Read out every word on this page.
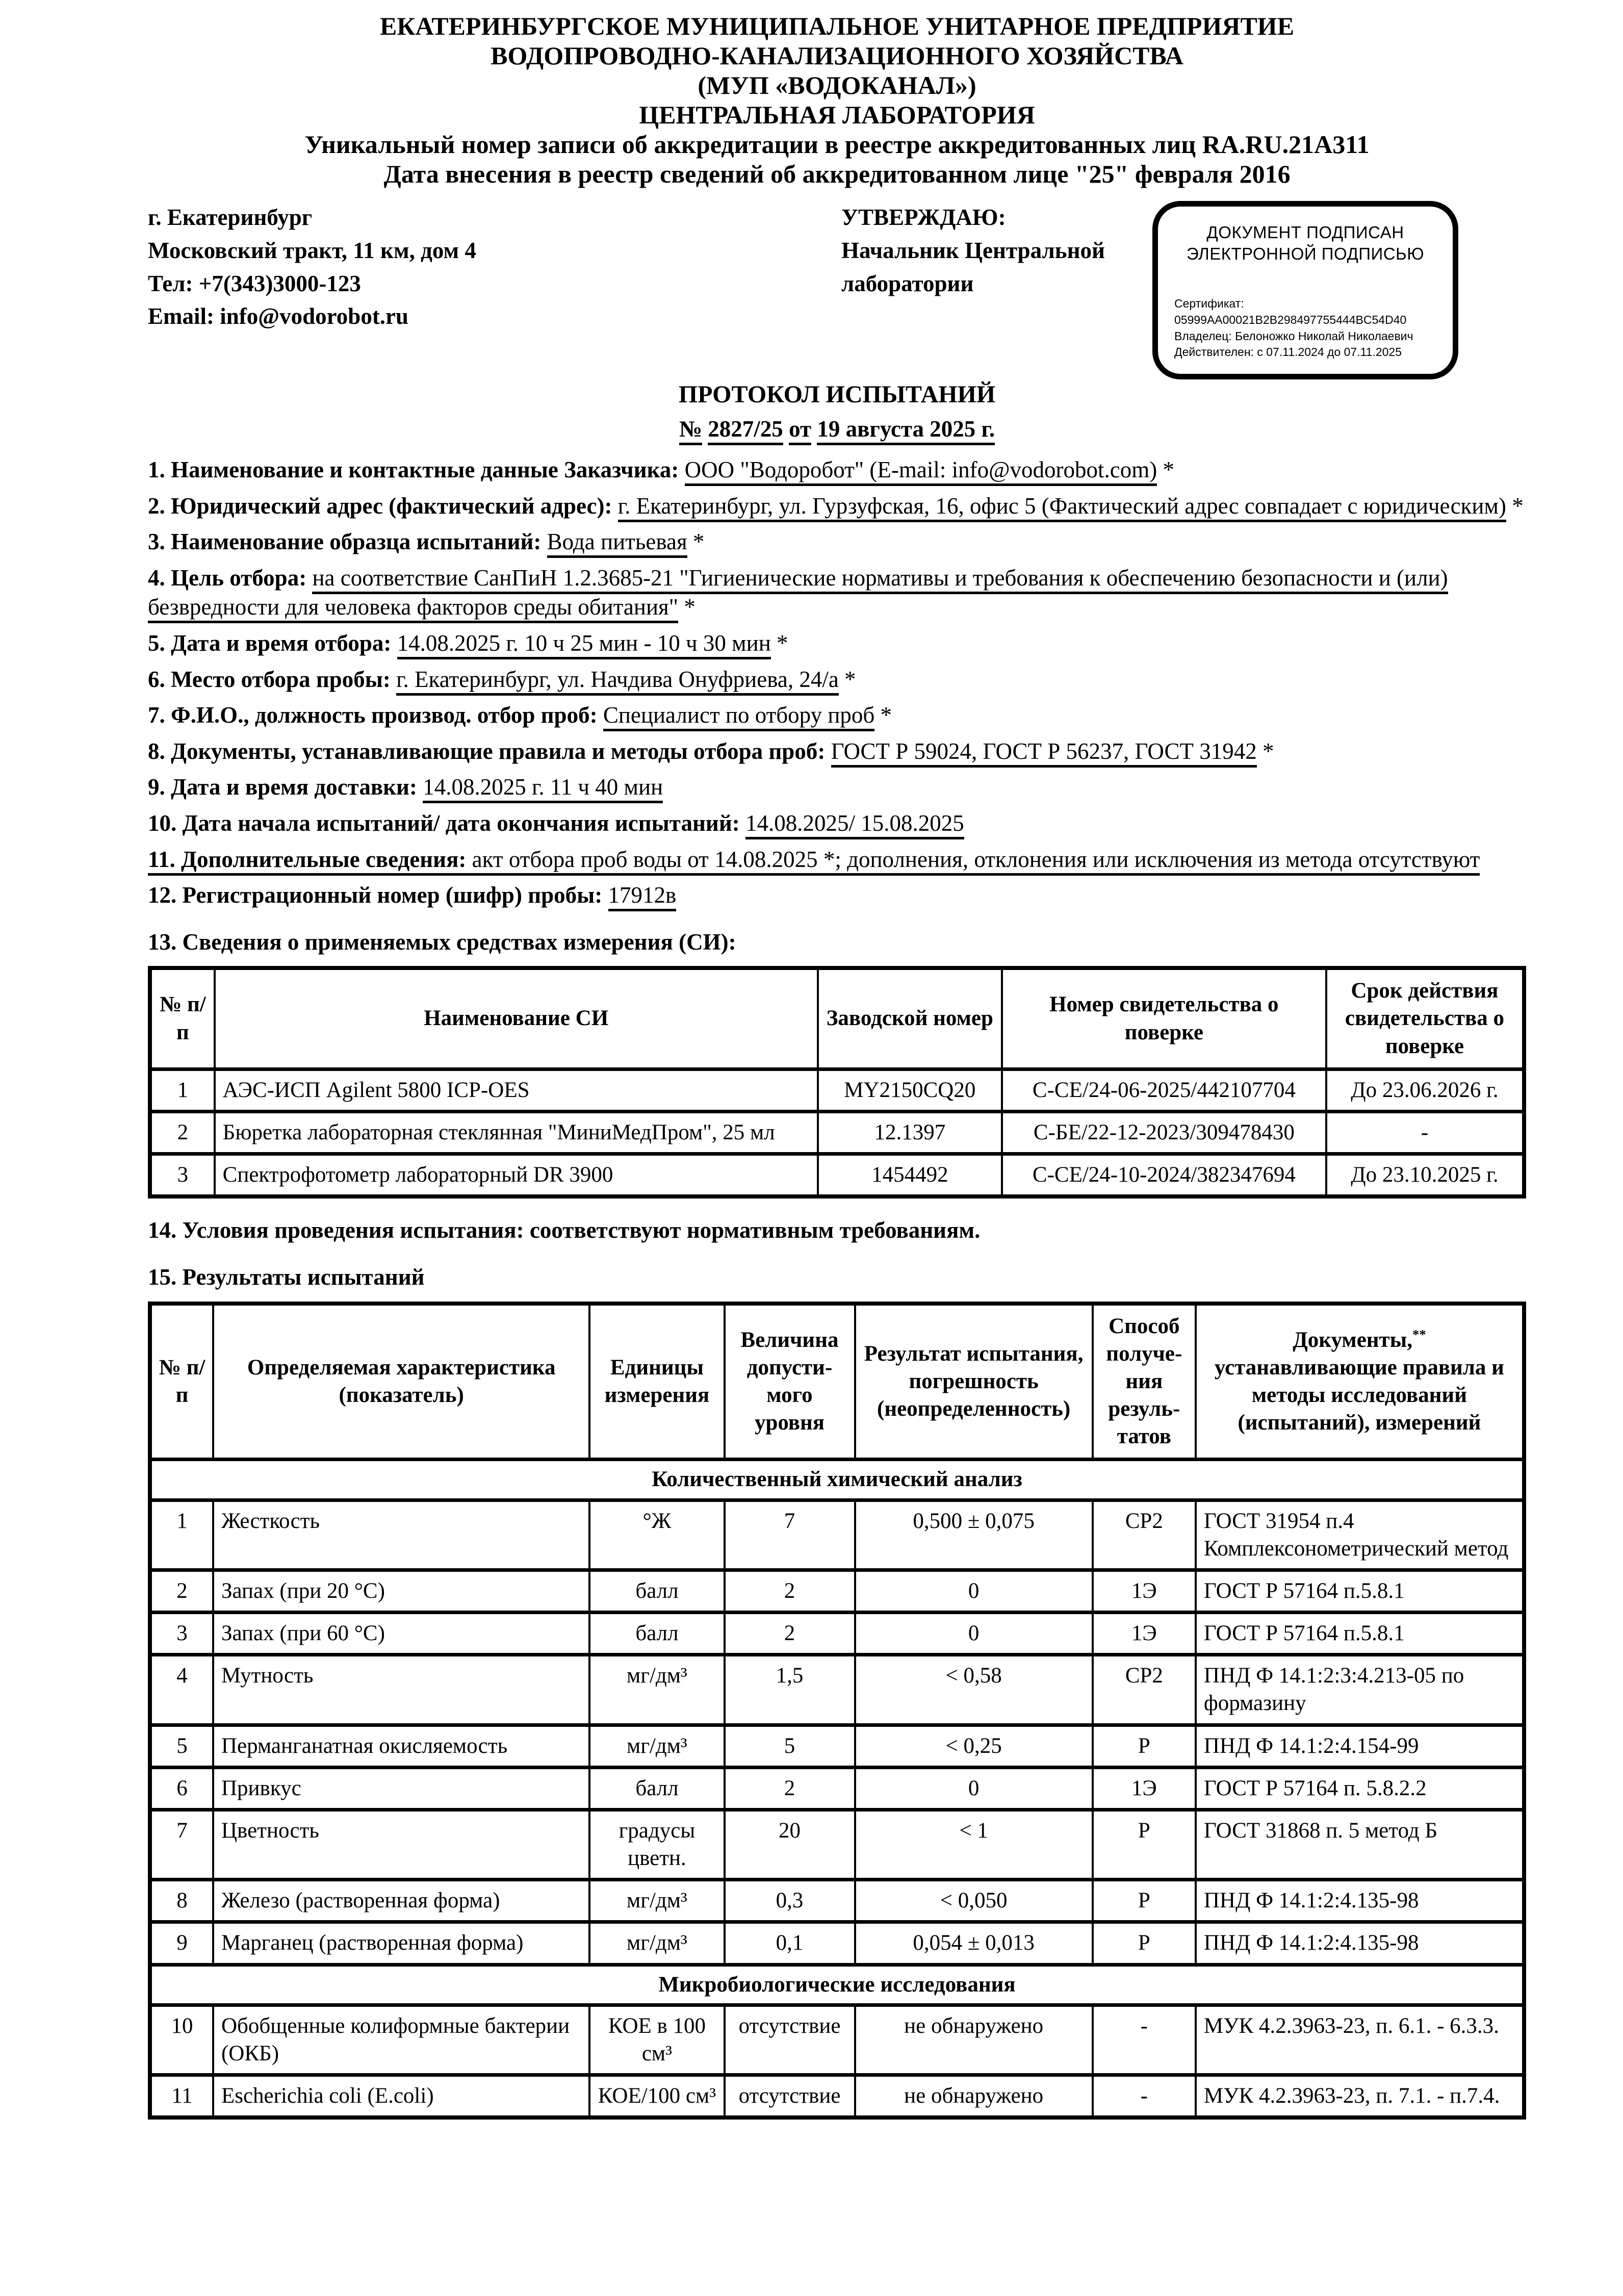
ЕКАТЕРИНБУРГСКОЕ МУНИЦИПАЛЬНОЕ УНИТАРНОЕ ПРЕДПРИЯТИЕ
ВОДОПРОВОДНО-КАНАЛИЗАЦИОННОГО ХОЗЯЙСТВА
(МУП «ВОДОКАНАЛ»)
ЦЕНТРАЛЬНАЯ ЛАБОРАТОРИЯ
Уникальный номер записи об аккредитации в реестре аккредитованных лиц RA.RU.21А311
Дата внесения в реестр сведений об аккредитованном лице "25" февраля 2016
г. Екатеринбург
Московский тракт, 11 км, дом 4
Тел: +7(343)3000-123
Email: info@vodorobot.ru
УТВЕРЖДАЮ:
Начальник Центральной
лаборатории
ДОКУМЕНТ ПОДПИСАН
ЭЛЕКТРОННОЙ ПОДПИСЬЮ
Сертификат: 05999AA00021B2B298497755444BC54D40
Владелец: Белоножко Николай Николаевич
Действителен: с 07.11.2024 до 07.11.2025
ПРОТОКОЛ ИСПЫТАНИЙ
№ 2827/25 от 19 августа 2025 г.

1. Наименование и контактные данные Заказчика: ООО "Водоробот" (E-mail: info@vodorobot.com) *

2. Юридический адрес (фактический адрес): г. Екатеринбург, ул. Гурзуфская, 16, офис 5 (Фактический адрес совпадает с юридическим) *

3. Наименование образца испытаний: Вода питьевая *

4. Цель отбора: на соответствие СанПиН 1.2.3685-21 "Гигиенические нормативы и требования к обеспечению безопасности и (или) безвредности для человека факторов среды обитания" *

5. Дата и время отбора: 14.08.2025 г. 10 ч 25 мин - 10 ч 30 мин *

6. Место отбора пробы: г. Екатеринбург, ул. Начдива Онуфриева, 24/а *

7. Ф.И.О., должность производ. отбор проб: Специалист по отбору проб *

8. Документы, устанавливающие правила и методы отбора проб: ГОСТ Р 59024, ГОСТ Р 56237, ГОСТ 31942 *

9. Дата и время доставки: 14.08.2025 г. 11 ч 40 мин

10. Дата начала испытаний/ дата окончания испытаний: 14.08.2025/ 15.08.2025

11. Дополнительные сведения: акт отбора проб воды от 14.08.2025 *; дополнения, отклонения или исключения из метода отсутствуют

12. Регистрационный номер (шифр) пробы: 17912в

13. Сведения о применяемых средствах измерения (СИ):

№ п/п	Наименование СИ	Заводской номер	Номер свидетельства о поверке	Срок действия свидетельства о поверке
1	АЭС-ИСП Agilent 5800 ICP-OES	MY2150CQ20	С-СЕ/24-06-2025/442107704	До 23.06.2026 г.
2	Бюретка лабораторная стеклянная "МиниМедПром", 25 мл	12.1397	С-БЕ/22-12-2023/309478430	-
3	Спектрофотометр лабораторный DR 3900	1454492	С-СЕ/24-10-2024/382347694	До 23.10.2025 г.

14. Условия проведения испытания: соответствуют нормативным требованиям.

15. Результаты испытаний

№ п/п	Определяемая характеристика (показатель)	Единицы измерения	Величина допусти- мого уровня	Результат испытания, погрешность (неопределенность)	Способ получе- ния резуль- татов	Документы,** устанавливающие правила и методы исследований (испытаний), измерений
Количественный химический анализ						
1	Жесткость	°Ж	7	0,500 ± 0,075	СР2	ГОСТ 31954 п.4 Комплексонометрический метод
2	Запах (при 20 °С)	балл	2	0	1Э	ГОСТ Р 57164 п.5.8.1
3	Запах (при 60 °С)	балл	2	0	1Э	ГОСТ Р 57164 п.5.8.1
4	Мутность	мг/дм³	1,5	< 0,58	СР2	ПНД Ф 14.1:2:3:4.213-05 по формазину
5	Перманганатная окисляемость	мг/дм³	5	< 0,25	Р	ПНД Ф 14.1:2:4.154-99
6	Привкус	балл	2	0	1Э	ГОСТ Р 57164 п. 5.8.2.2
7	Цветность	градусы цветн.	20	< 1	Р	ГОСТ 31868 п. 5 метод Б
8	Железо (растворенная форма)	мг/дм³	0,3	< 0,050	Р	ПНД Ф 14.1:2:4.135-98
9	Марганец (растворенная форма)	мг/дм³	0,1	0,054 ± 0,013	Р	ПНД Ф 14.1:2:4.135-98
Микробиологические исследования						
10	Обобщенные колиформные бактерии (ОКБ)	КОЕ в 100 см³	отсутствие	не обнаружено	-	МУК 4.2.3963-23, п. 6.1. - 6.3.3.
11	Escherichia coli (E.coli)	КОЕ/100 см³	отсутствие	не обнаружено	-	МУК 4.2.3963-23, п. 7.1. - п.7.4.
